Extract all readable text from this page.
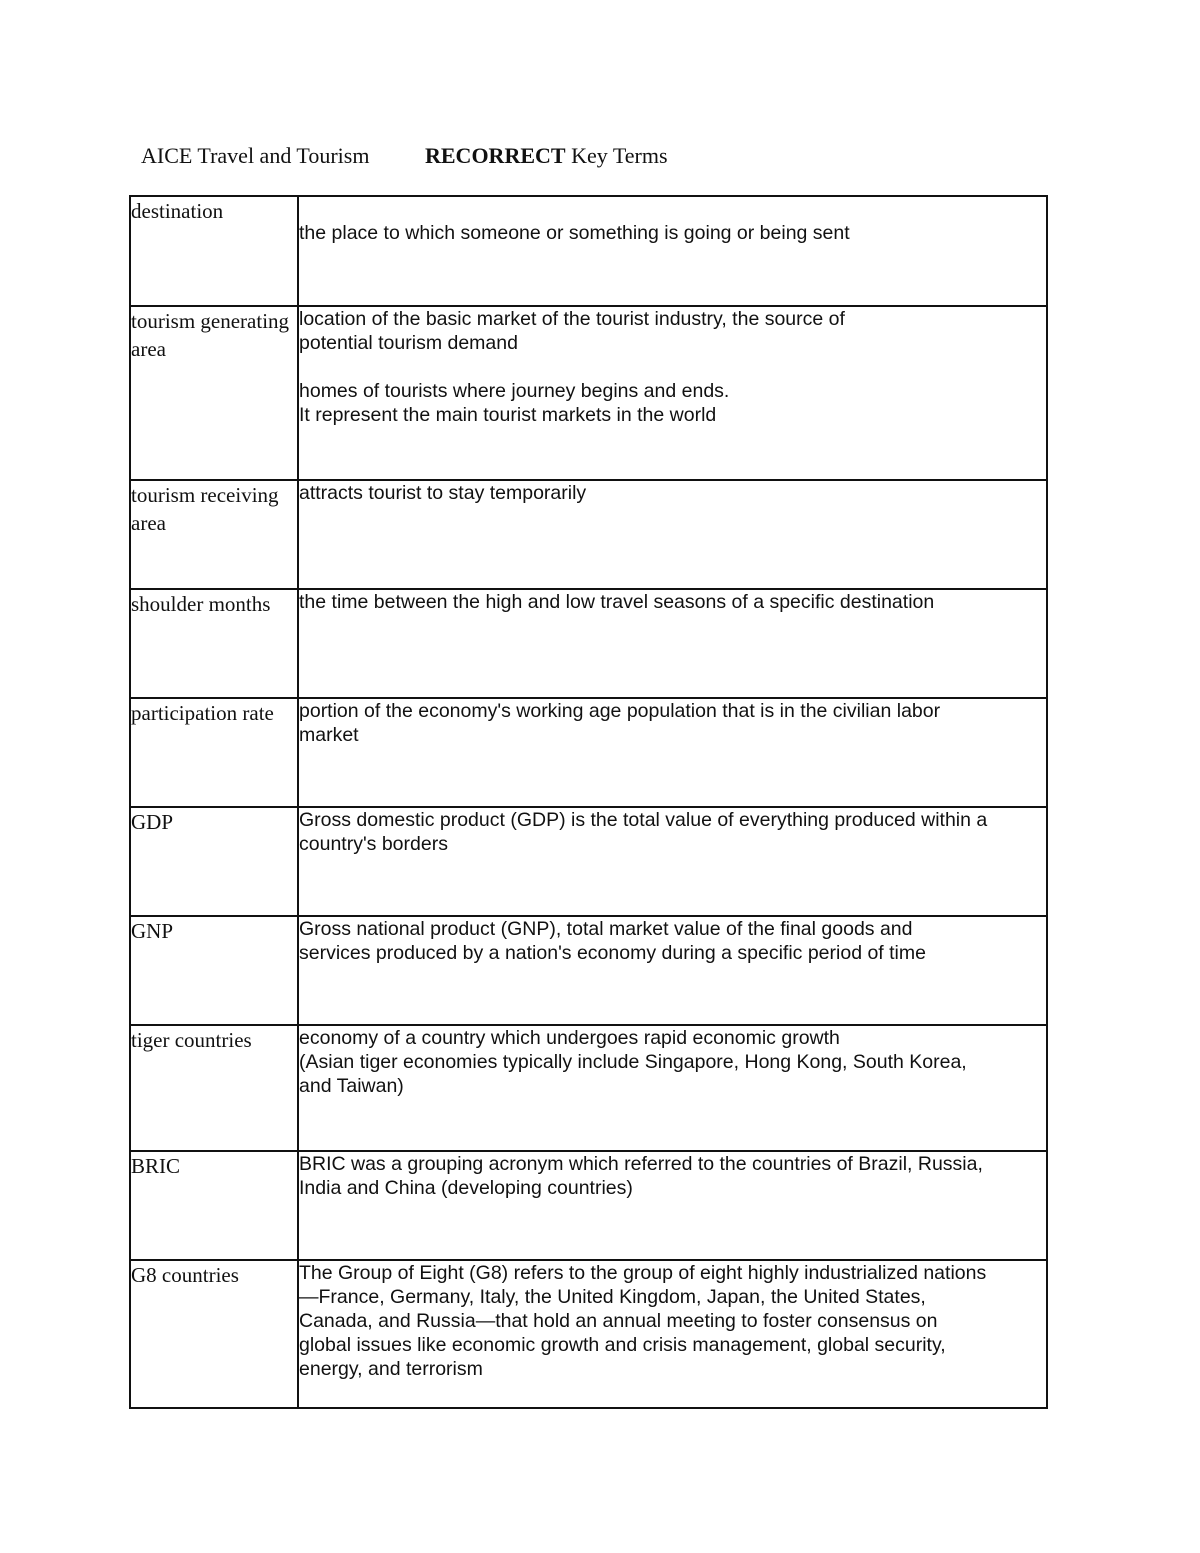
AICE Travel and Tourism	RECORRECT Key Terms
destination	the place to which someone or something is going or being sent

tourism generating area	location of the basic market of the tourist industry, the source of

potential tourism demand

homes of tourists where journey begins and ends.

It represent the main tourist markets in the world

tourism receiving area	attracts tourist to stay temporarily

shoulder months	the time between the high and low travel seasons of a specific destination

participation rate	portion of the economy's working age population that is in the civilian labor

market

GDP	Gross domestic product (GDP) is the total value of everything produced within a

country's borders

GNP	Gross national product (GNP), total market value of the final goods and

services produced by a nation's economy during a specific period of time

tiger countries	economy of a country which undergoes rapid economic growth

(Asian tiger economies typically include Singapore, Hong Kong, South Korea,

and Taiwan)

BRIC	BRIC was a grouping acronym which referred to the countries of Brazil, Russia,

India and China (developing countries)

G8 countries	The Group of Eight (G8) refers to the group of eight highly industrialized nations

—France, Germany, Italy, the United Kingdom, Japan, the United States,

Canada, and Russia—that hold an annual meeting to foster consensus on

global issues like economic growth and crisis management, global security,

energy, and terrorism
